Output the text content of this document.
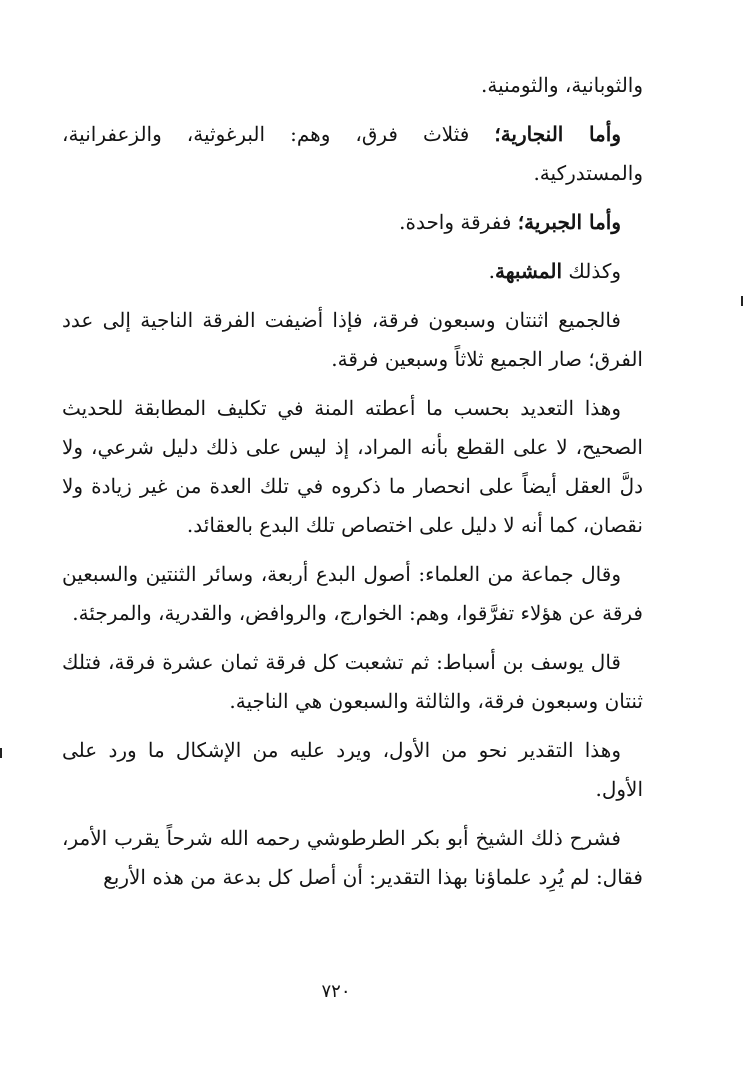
والثوبانية، والثومنية.

وأما النجارية؛ فثلاث فرق، وهم: البرغوثية، والزعفرانية، والمستدركية.

وأما الجبرية؛ ففرقة واحدة.

وكذلك المشبهة.

فالجميع اثنتان وسبعون فرقة، فإذا أضيفت الفرقة الناجية إلى عدد الفرق؛ صار الجميع ثلاثاً وسبعين فرقة.

وهذا التعديد بحسب ما أعطته المنة في تكليف المطابقة للحديث الصحيح، لا على القطع بأنه المراد، إذ ليس على ذلك دليل شرعي، ولا دلَّ العقل أيضاً على انحصار ما ذكروه في تلك العدة من غير زيادة ولا نقصان، كما أنه لا دليل على اختصاص تلك البدع بالعقائد.

وقال جماعة من العلماء: أصول البدع أربعة، وسائر الثنتين والسبعين فرقة عن هؤلاء تفرَّقوا، وهم: الخوارج، والروافض، والقدرية، والمرجئة.

قال يوسف بن أسباط: ثم تشعبت كل فرقة ثمان عشرة فرقة، فتلك ثنتان وسبعون فرقة، والثالثة والسبعون هي الناجية.

وهذا التقدير نحو من الأول، ويرد عليه من الإشكال ما ورد على الأول.

فشرح ذلك الشيخ أبو بكر الطرطوشي رحمه الله شرحاً يقرب الأمر، فقال: لم يُرِد علماؤنا بهذا التقدير: أن أصل كل بدعة من هذه الأربع

٧٢٠
